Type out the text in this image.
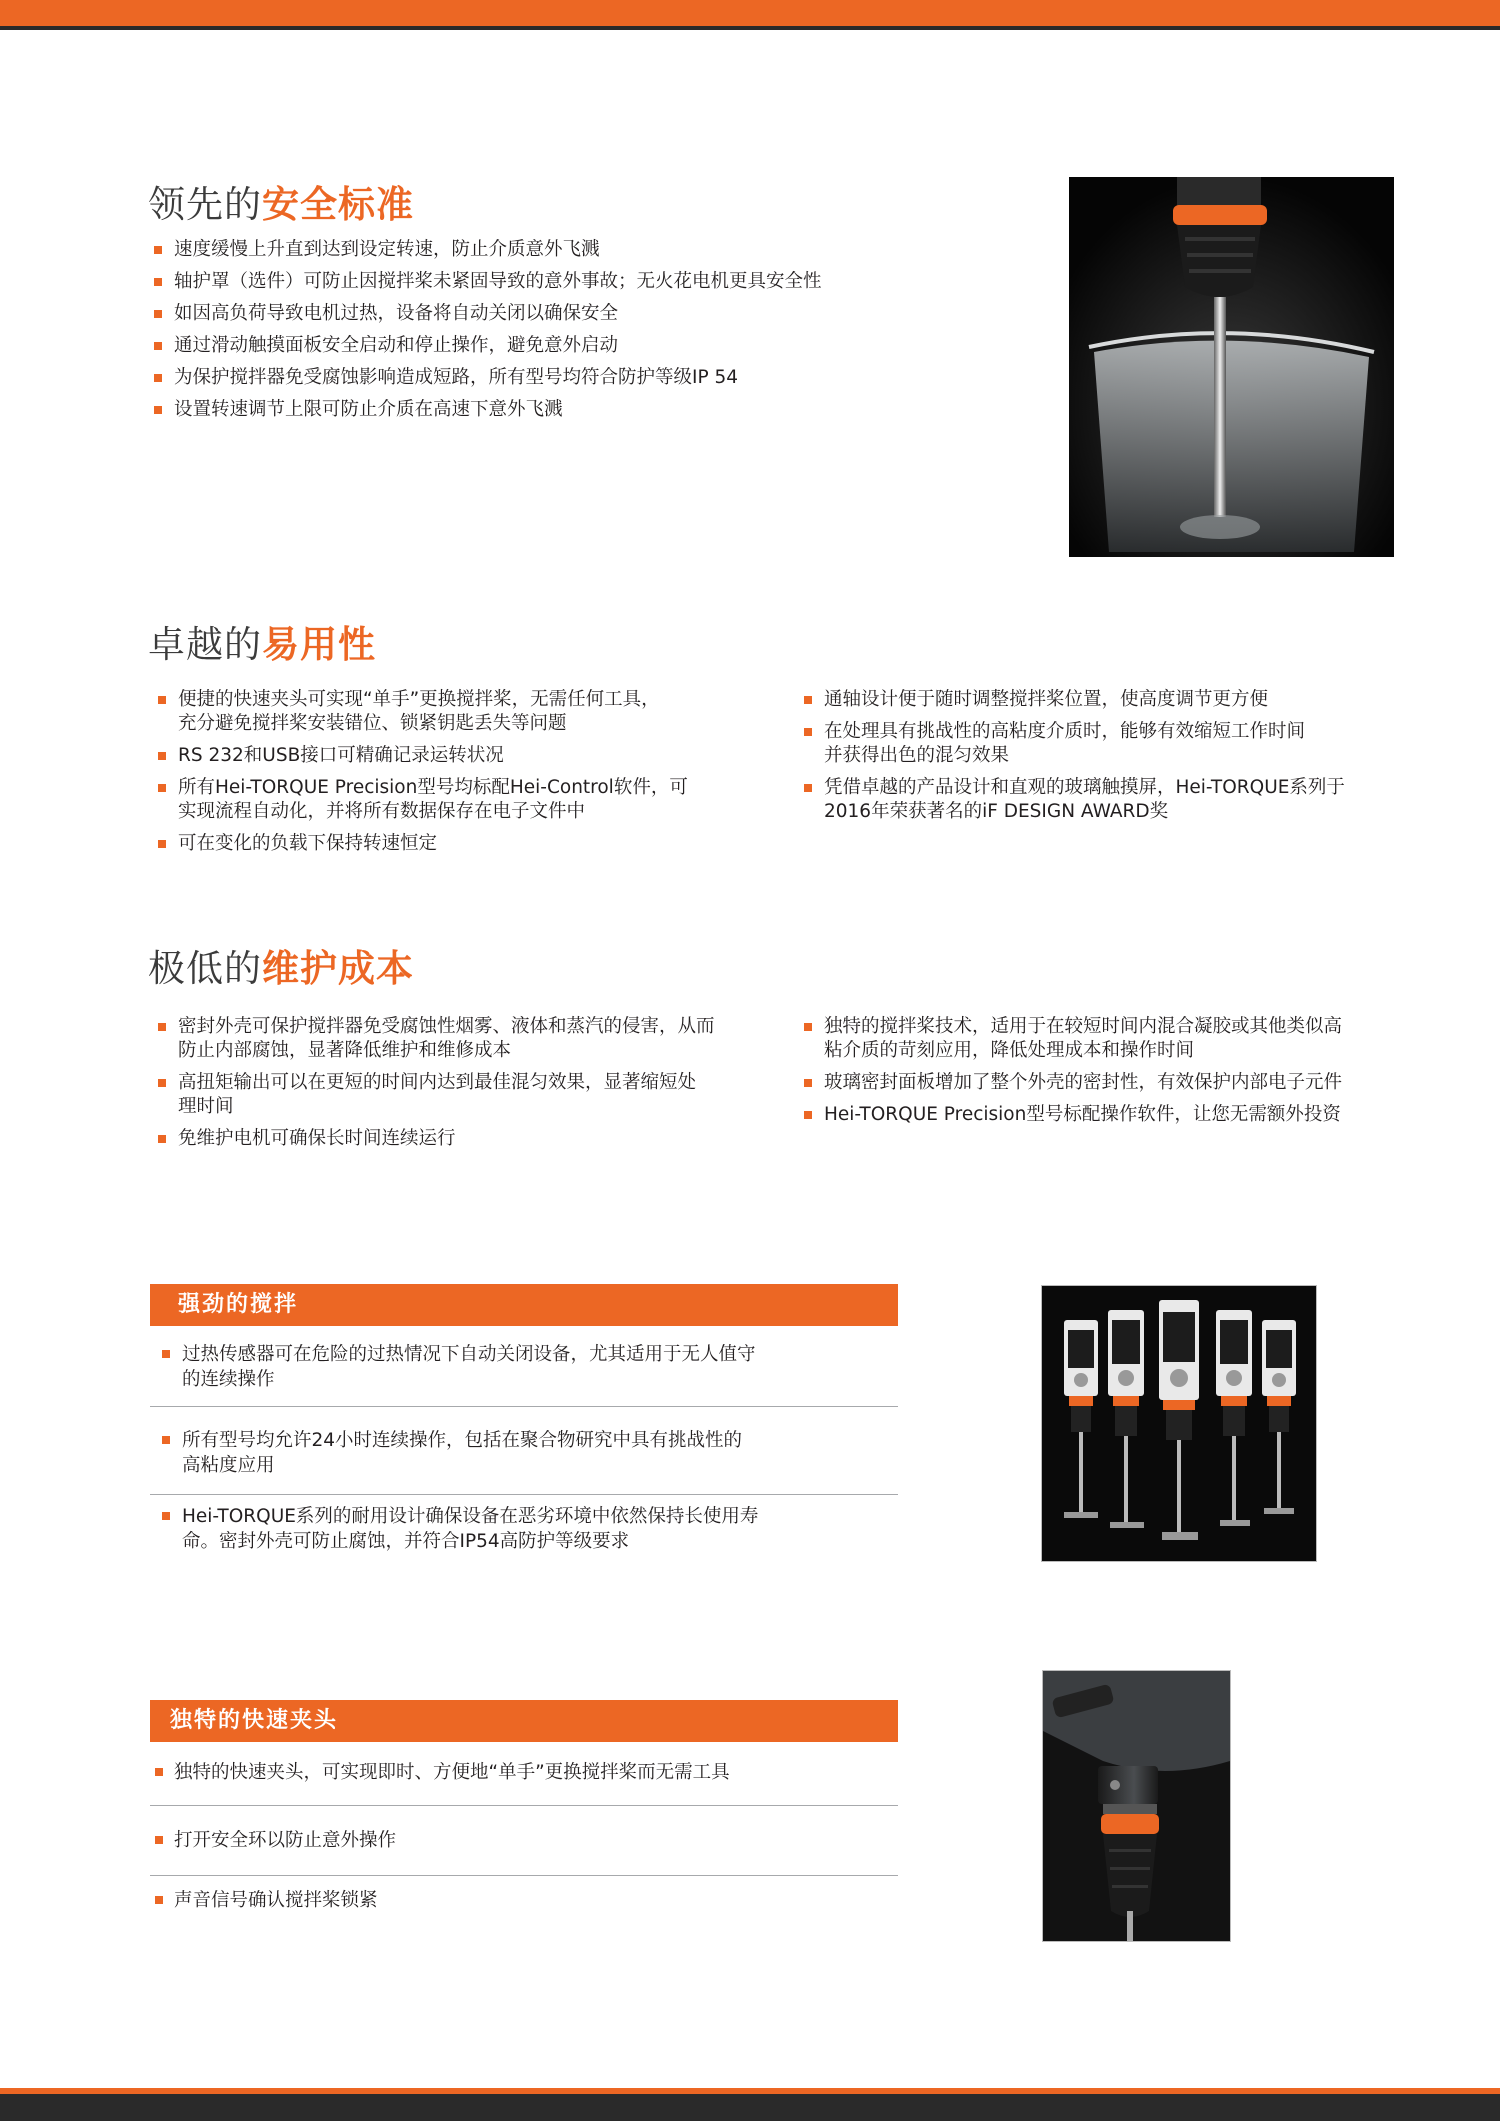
领先的安全标准
速度缓慢上升直到达到设定转速，防止介质意外飞溅
轴护罩（选件）可防止因搅拌桨未紧固导致的意外事故；无火花电机更具安全性
如因高负荷导致电机过热，设备将自动关闭以确保安全
通过滑动触摸面板安全启动和停止操作，避免意外启动
为保护搅拌器免受腐蚀影响造成短路，所有型号均符合防护等级IP 54
设置转速调节上限可防止介质在高速下意外飞溅
卓越的易用性
便捷的快速夹头可实现“单手”更换搅拌桨，无需任何工具，
充分避免搅拌桨安装错位、锁紧钥匙丢失等问题
RS 232和USB接口可精确记录运转状况
所有Hei-TORQUE Precision型号均标配Hei-Control软件，可
实现流程自动化，并将所有数据保存在电子文件中
可在变化的负载下保持转速恒定
通轴设计便于随时调整搅拌桨位置，使高度调节更方便
在处理具有挑战性的高粘度介质时，能够有效缩短工作时间
并获得出色的混匀效果
凭借卓越的产品设计和直观的玻璃触摸屏，Hei-TORQUE系列于
2016年荣获著名的iF DESIGN AWARD奖
极低的维护成本
密封外壳可保护搅拌器免受腐蚀性烟雾、液体和蒸汽的侵害，从而
防止内部腐蚀，显著降低维护和维修成本
高扭矩输出可以在更短的时间内达到最佳混匀效果，显著缩短处
理时间
免维护电机可确保长时间连续运行
独特的搅拌桨技术，适用于在较短时间内混合凝胶或其他类似高
粘介质的苛刻应用，降低处理成本和操作时间
玻璃密封面板增加了整个外壳的密封性，有效保护内部电子元件
Hei-TORQUE Precision型号标配操作软件，让您无需额外投资
强劲的搅拌
过热传感器可在危险的过热情况下自动关闭设备，尤其适用于无人值守
的连续操作
所有型号均允许24小时连续操作，包括在聚合物研究中具有挑战性的
高粘度应用
Hei-TORQUE系列的耐用设计确保设备在恶劣环境中依然保持长使用寿
命。密封外壳可防止腐蚀，并符合IP54高防护等级要求
独特的快速夹头
独特的快速夹头，可实现即时、方便地“单手”更换搅拌桨而无需工具
打开安全环以防止意外操作
声音信号确认搅拌桨锁紧
